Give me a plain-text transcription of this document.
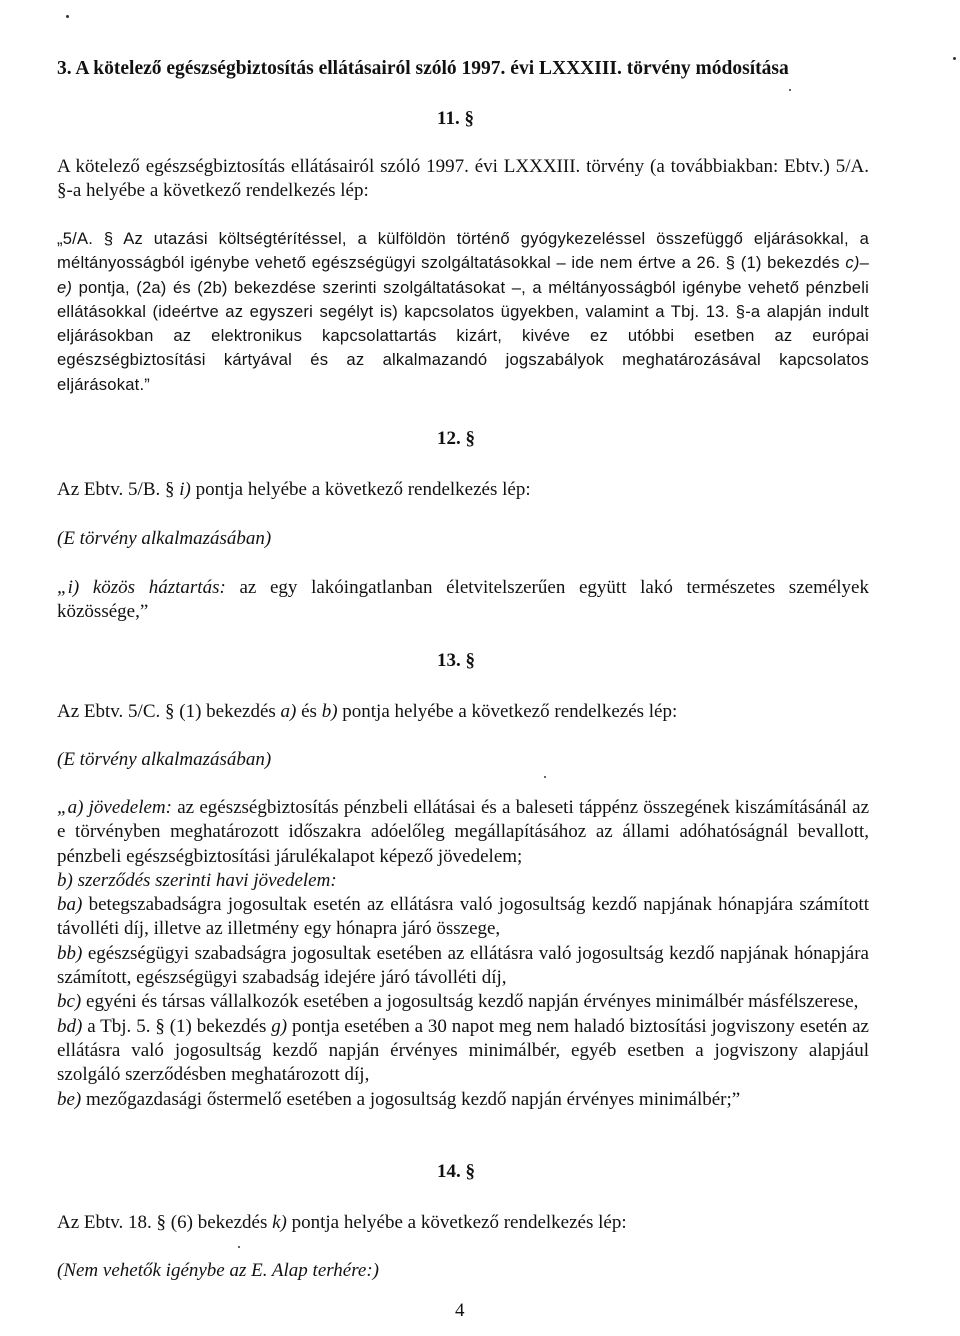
3. A kötelező egészségbiztosítás ellátásairól szóló 1997. évi LXXXIII. törvény módosítása
11. §
A kötelező egészségbiztosítás ellátásairól szóló 1997. évi LXXXIII. törvény (a továbbiakban: Ebtv.) 5/A. §-a helyébe a következő rendelkezés lép:
„5/A. § Az utazási költségtérítéssel, a külföldön történő gyógykezeléssel összefüggő eljárásokkal, a méltányosságból igénybe vehető egészségügyi szolgáltatásokkal – ide nem értve a 26. § (1) bekezdés c)–e) pontja, (2a) és (2b) bekezdése szerinti szolgáltatásokat –, a méltányosságból igénybe vehető pénzbeli ellátásokkal (ideértve az egyszeri segélyt is) kapcsolatos ügyekben, valamint a Tbj. 13. §-a alapján indult eljárásokban az elektronikus kapcsolattartás kizárt, kivéve ez utóbbi esetben az európai egészségbiztosítási kártyával és az alkalmazandó jogszabályok meghatározásával kapcsolatos eljárásokat.”
12. §
Az Ebtv. 5/B. § i) pontja helyébe a következő rendelkezés lép:
(E törvény alkalmazásában)
„i) közös háztartás: az egy lakóingatlanban életvitelszerűen együtt lakó természetes személyek közössége,”
13. §
Az Ebtv. 5/C. § (1) bekezdés a) és b) pontja helyébe a következő rendelkezés lép:
(E törvény alkalmazásában)
„a) jövedelem: az egészségbiztosítás pénzbeli ellátásai és a baleseti táppénz összegének kiszámításánál az e törvényben meghatározott időszakra adóelőleg megállapításához az állami adóhatóságnál bevallott, pénzbeli egészségbiztosítási járulékalapot képező jövedelem;
b) szerződés szerinti havi jövedelem:
ba) betegszabadságra jogosultak esetén az ellátásra való jogosultság kezdő napjának hónapjára számított távolléti díj, illetve az illetmény egy hónapra járó összege,
bb) egészségügyi szabadságra jogosultak esetében az ellátásra való jogosultság kezdő napjának hónapjára számított, egészségügyi szabadság idejére járó távolléti díj,
bc) egyéni és társas vállalkozók esetében a jogosultság kezdő napján érvényes minimálbér másfélszerese,
bd) a Tbj. 5. § (1) bekezdés g) pontja esetében a 30 napot meg nem haladó biztosítási jogviszony esetén az ellátásra való jogosultság kezdő napján érvényes minimálbér, egyéb esetben a jogviszony alapjául szolgáló szerződésben meghatározott díj,
be) mezőgazdasági őstermelő esetében a jogosultság kezdő napján érvényes minimálbér;”
14. §
Az Ebtv. 18. § (6) bekezdés k) pontja helyébe a következő rendelkezés lép:
(Nem vehetők igénybe az E. Alap terhére:)
4
